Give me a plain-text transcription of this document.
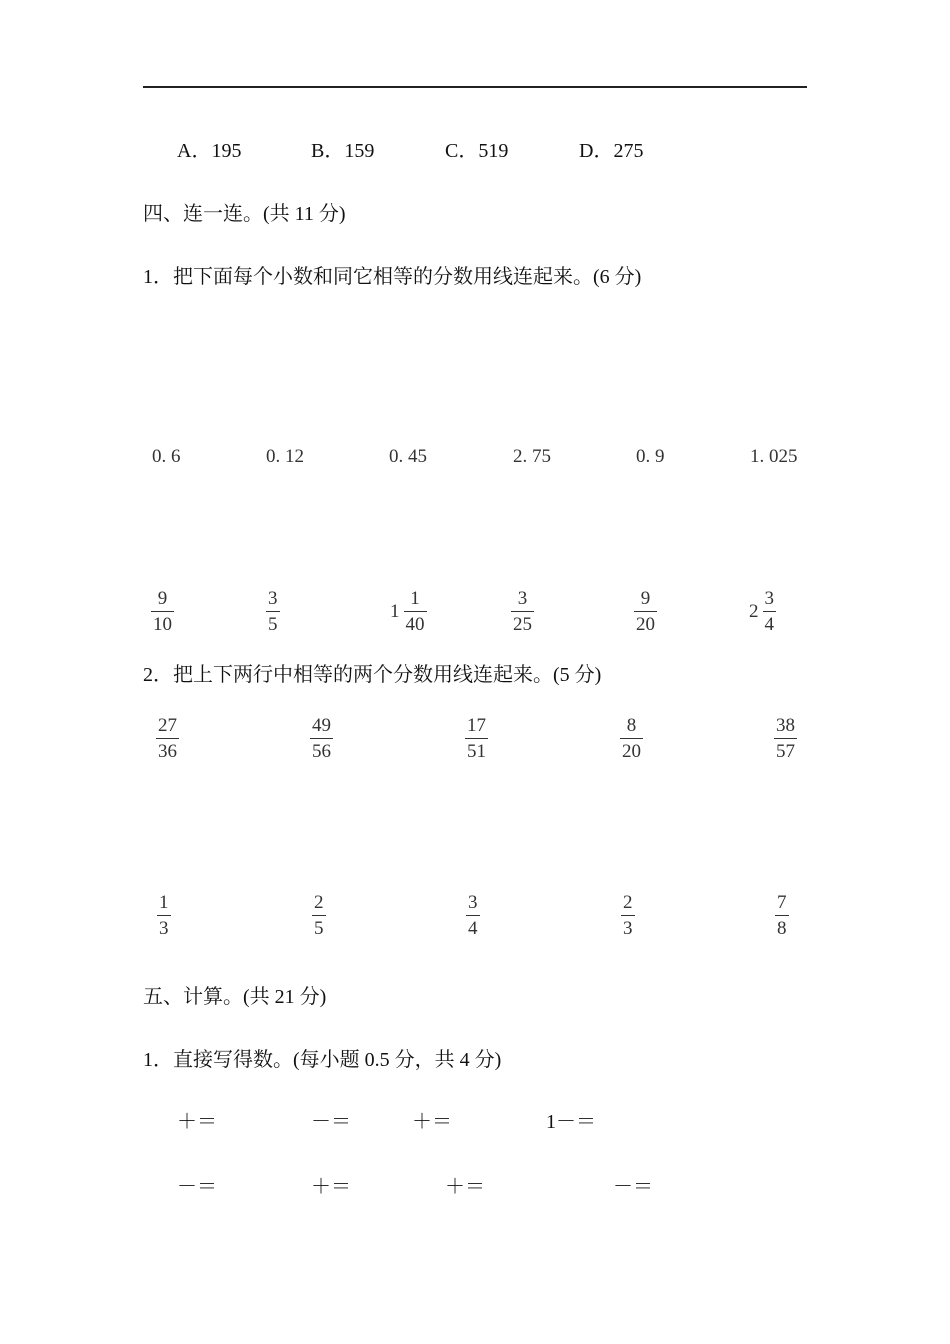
A．195	B．159	C．519	D．275
四、连一连。(共 11 分)
1．把下面每个小数和同它相等的分数用线连起来。(6 分)
0. 6	0. 12	0. 45	2. 75	0. 9	1. 025
$\frac{9}{10}$	$\frac{3}{5}$	$1 \frac{1}{40}$	$\frac{3}{25}$	$\frac{9}{20}$	$2 \frac{3}{4}$
2．把上下两行中相等的两个分数用线连起来。(5 分)
$\frac{27}{36}$	$\frac{49}{56}$	$\frac{17}{51}$	$\frac{8}{20}$	$\frac{38}{57}$
$\frac{1}{3}$	$\frac{2}{5}$	$\frac{3}{4}$	$\frac{2}{3}$	$\frac{7}{8}$
五、计算。(共 21 分)
1．直接写得数。(每小题 0.5 分，共 4 分)
＋＝	－＝	＋＝	1－＝
－＝	＋＝	＋＝	－＝
